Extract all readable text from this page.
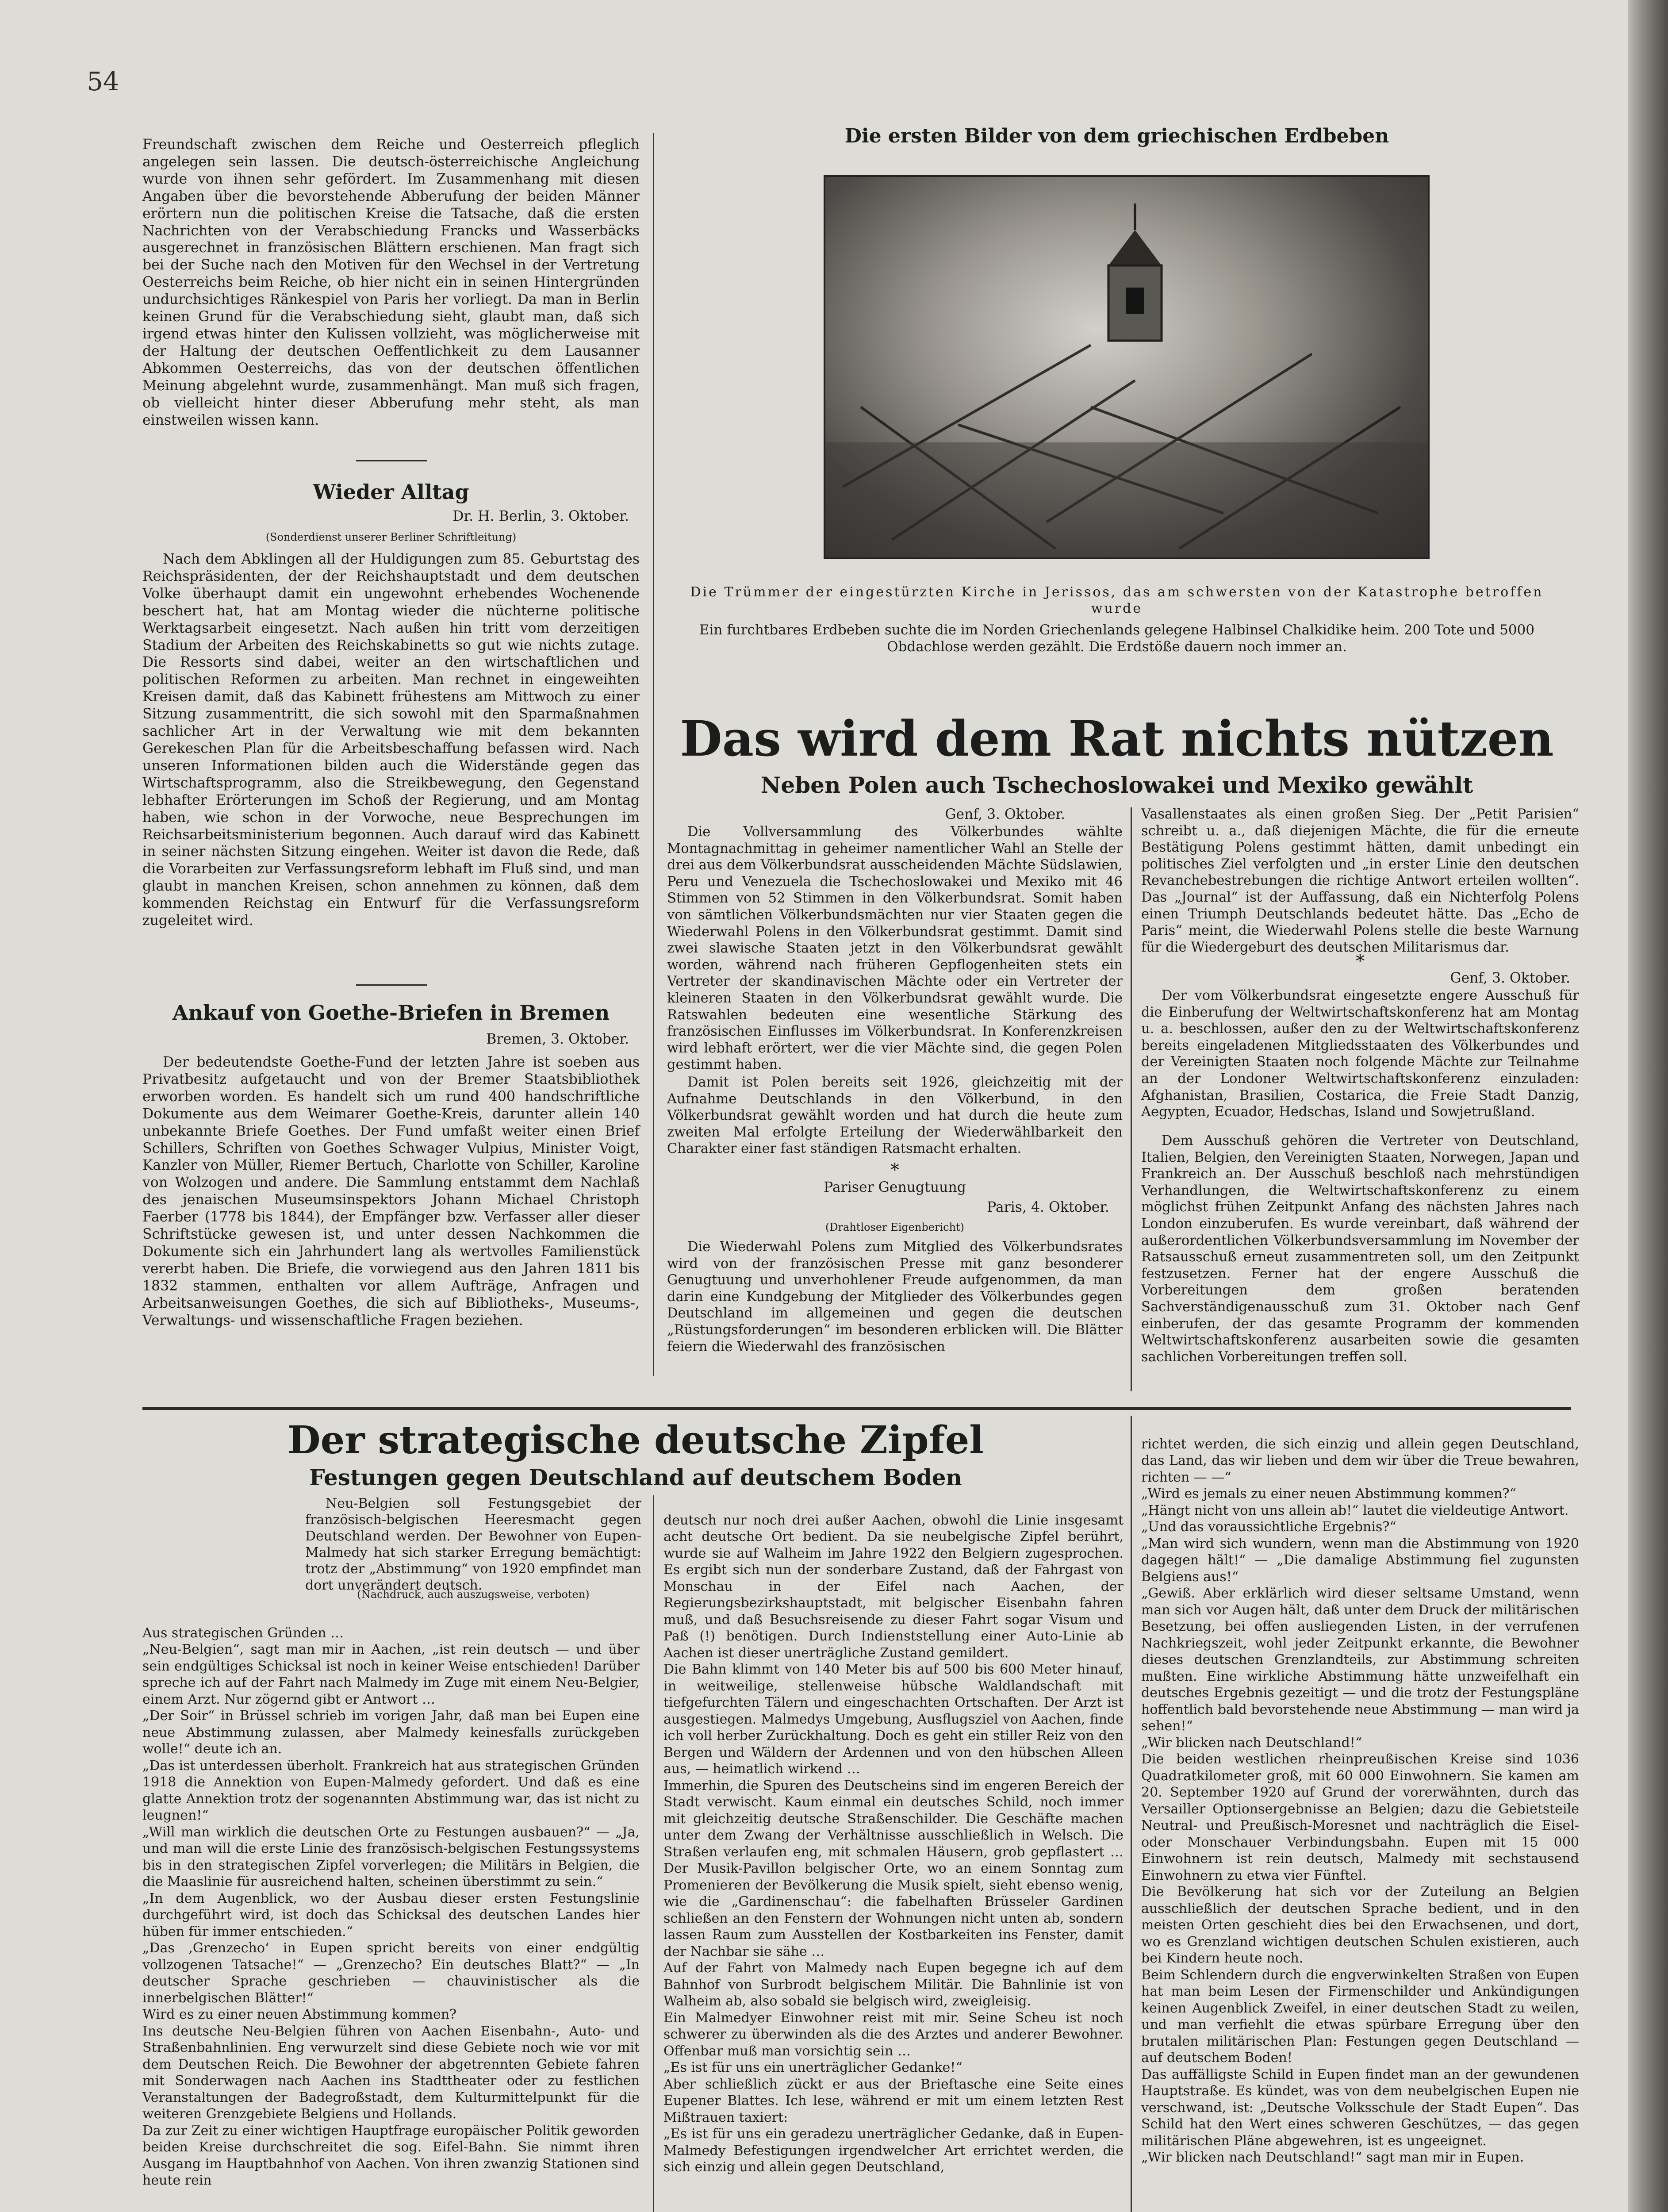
54
Freundschaft zwischen dem Reiche und Oesterreich pfleglich angelegen sein lassen. Die deutsch-österreichische Angleichung wurde von ihnen sehr gefördert. Im Zusammenhang mit diesen Angaben über die bevorstehende Abberufung der beiden Männer erörtern nun die politischen Kreise die Tatsache, daß die ersten Nachrichten von der Verabschiedung Francks und Wasserbäcks ausgerechnet in französischen Blättern erschienen. Man fragt sich bei der Suche nach den Motiven für den Wechsel in der Vertretung Oesterreichs beim Reiche, ob hier nicht ein in seinen Hintergründen undurchsichtiges Ränkespiel von Paris her vorliegt. Da man in Berlin keinen Grund für die Verabschiedung sieht, glaubt man, daß sich irgend etwas hinter den Kulissen vollzieht, was möglicherweise mit der Haltung der deutschen Oeffentlichkeit zu dem Lausanner Abkommen Oesterreichs, das von der deutschen öffentlichen Meinung abgelehnt wurde, zusammenhängt. Man muß sich fragen, ob vielleicht hinter dieser Abberufung mehr steht, als man einstweilen wissen kann.
Wieder Alltag
Dr. H. Berlin, 3. Oktober.
(Sonderdienst unserer Berliner Schriftleitung)
Nach dem Abklingen all der Huldigungen zum 85. Geburtstag des Reichspräsidenten, der der Reichshauptstadt und dem deutschen Volke überhaupt damit ein ungewohnt erhebendes Wochenende beschert hat, hat am Montag wieder die nüchterne politische Werktagsarbeit eingesetzt. Nach außen hin tritt vom derzeitigen Stadium der Arbeiten des Reichskabinetts so gut wie nichts zutage. Die Ressorts sind dabei, weiter an den wirtschaftlichen und politischen Reformen zu arbeiten. Man rechnet in eingeweihten Kreisen damit, daß das Kabinett frühestens am Mittwoch zu einer Sitzung zusammentritt, die sich sowohl mit den Sparmaßnahmen sachlicher Art in der Verwaltung wie mit dem bekannten Gerekeschen Plan für die Arbeitsbeschaffung befassen wird. Nach unseren Informationen bilden auch die Widerstände gegen das Wirtschaftsprogramm, also die Streikbewegung, den Gegenstand lebhafter Erörterungen im Schoß der Regierung, und am Montag haben, wie schon in der Vorwoche, neue Besprechungen im Reichsarbeitsministerium begonnen. Auch darauf wird das Kabinett in seiner nächsten Sitzung eingehen. Weiter ist davon die Rede, daß die Vorarbeiten zur Verfassungsreform lebhaft im Fluß sind, und man glaubt in manchen Kreisen, schon annehmen zu können, daß dem kommenden Reichstag ein Entwurf für die Verfassungsreform zugeleitet wird.
Ankauf von Goethe-Briefen in Bremen
Bremen, 3. Oktober.
Der bedeutendste Goethe-Fund der letzten Jahre ist soeben aus Privatbesitz aufgetaucht und von der Bremer Staatsbibliothek erworben worden. Es handelt sich um rund 400 handschriftliche Dokumente aus dem Weimarer Goethe-Kreis, darunter allein 140 unbekannte Briefe Goethes. Der Fund umfaßt weiter einen Brief Schillers, Schriften von Goethes Schwager Vulpius, Minister Voigt, Kanzler von Müller, Riemer Bertuch, Charlotte von Schiller, Karoline von Wolzogen und andere. Die Sammlung entstammt dem Nachlaß des jenaischen Museumsinspektors Johann Michael Christoph Faerber (1778 bis 1844), der Empfänger bzw. Verfasser aller dieser Schriftstücke gewesen ist, und unter dessen Nachkommen die Dokumente sich ein Jahrhundert lang als wertvolles Familienstück vererbt haben. Die Briefe, die vorwiegend aus den Jahren 1811 bis 1832 stammen, enthalten vor allem Aufträge, Anfragen und Arbeitsanweisungen Goethes, die sich auf Bibliotheks-, Museums-, Verwaltungs- und wissenschaftliche Fragen beziehen.
Die ersten Bilder von dem griechischen Erdbeben
Die Trümmer der eingestürzten Kirche in Jerissos, das am schwersten von der Katastrophe betroffen wurde
Ein furchtbares Erdbeben suchte die im Norden Griechenlands gelegene Halbinsel Chalkidike heim. 200 Tote und 5000 Obdachlose werden gezählt. Die Erdstöße dauern noch immer an.
Das wird dem Rat nichts nützen
Neben Polen auch Tschechoslowakei und Mexiko gewählt
Genf, 3. Oktober.
Die Vollversammlung des Völkerbundes wählte Montagnachmittag in geheimer namentlicher Wahl an Stelle der drei aus dem Völkerbundsrat ausscheidenden Mächte Südslawien, Peru und Venezuela die Tschechoslowakei und Mexiko mit 46 Stimmen von 52 Stimmen in den Völkerbundsrat. Somit haben von sämtlichen Völkerbundsmächten nur vier Staaten gegen die Wiederwahl Polens in den Völkerbundsrat gestimmt. Damit sind zwei slawische Staaten jetzt in den Völkerbundsrat gewählt worden, während nach früheren Gepflogenheiten stets ein Vertreter der skandinavischen Mächte oder ein Vertreter der kleineren Staaten in den Völkerbundsrat gewählt wurde. Die Ratswahlen bedeuten eine wesentliche Stärkung des französischen Einflusses im Völkerbundsrat. In Konferenzkreisen wird lebhaft erörtert, wer die vier Mächte sind, die gegen Polen gestimmt haben.
Damit ist Polen bereits seit 1926, gleichzeitig mit der Aufnahme Deutschlands in den Völkerbund, in den Völkerbundsrat gewählt worden und hat durch die heute zum zweiten Mal erfolgte Erteilung der Wiederwählbarkeit den Charakter einer fast ständigen Ratsmacht erhalten.
*
Pariser Genugtuung
Paris, 4. Oktober.
(Drahtloser Eigenbericht)
Die Wiederwahl Polens zum Mitglied des Völkerbundsrates wird von der französischen Presse mit ganz besonderer Genugtuung und unverhohlener Freude aufgenommen, da man darin eine Kundgebung der Mitglieder des Völkerbundes gegen Deutschland im allgemeinen und gegen die deutschen „Rüstungsforderungen“ im besonderen erblicken will. Die Blätter feiern die Wiederwahl des französischen
Vasallenstaates als einen großen Sieg. Der „Petit Parisien“ schreibt u. a., daß diejenigen Mächte, die für die erneute Bestätigung Polens gestimmt hätten, damit unbedingt ein politisches Ziel verfolgten und „in erster Linie den deutschen Revanchebestrebungen die richtige Antwort erteilen wollten“. Das „Journal“ ist der Auffassung, daß ein Nichterfolg Polens einen Triumph Deutschlands bedeutet hätte. Das „Echo de Paris“ meint, die Wiederwahl Polens stelle die beste Warnung für die Wiedergeburt des deutschen Militarismus dar.
*
Genf, 3. Oktober.
Der vom Völkerbundsrat eingesetzte engere Ausschuß für die Einberufung der Weltwirtschaftskonferenz hat am Montag u. a. beschlossen, außer den zu der Weltwirtschaftskonferenz bereits eingeladenen Mitgliedsstaaten des Völkerbundes und der Vereinigten Staaten noch folgende Mächte zur Teilnahme an der Londoner Weltwirtschaftskonferenz einzuladen: Afghanistan, Brasilien, Costarica, die Freie Stadt Danzig, Aegypten, Ecuador, Hedschas, Island und Sowjetrußland.
Dem Ausschuß gehören die Vertreter von Deutschland, Italien, Belgien, den Vereinigten Staaten, Norwegen, Japan und Frankreich an. Der Ausschuß beschloß nach mehrstündigen Verhandlungen, die Weltwirtschaftskonferenz zu einem möglichst frühen Zeitpunkt Anfang des nächsten Jahres nach London einzuberufen. Es wurde vereinbart, daß während der außerordentlichen Völkerbundsversammlung im November der Ratsausschuß erneut zusammentreten soll, um den Zeitpunkt festzusetzen. Ferner hat der engere Ausschuß die Vorbereitungen dem großen beratenden Sachverständigenausschuß zum 31. Oktober nach Genf einberufen, der das gesamte Programm der kommenden Weltwirtschaftskonferenz ausarbeiten sowie die gesamten sachlichen Vorbereitungen treffen soll.
Der strategische deutsche Zipfel
Festungen gegen Deutschland auf deutschem Boden
Neu-Belgien soll Festungsgebiet der französisch-belgischen Heeresmacht gegen Deutschland werden. Der Bewohner von Eupen-Malmedy hat sich starker Erregung bemächtigt: trotz der „Abstimmung“ von 1920 empfindet man dort unverändert deutsch.
(Nachdruck, auch auszugsweise, verboten)

Aus strategischen Gründen …
„Neu-Belgien“, sagt man mir in Aachen, „ist rein deutsch — und über sein endgültiges Schicksal ist noch in keiner Weise entschieden! Darüber spreche ich auf der Fahrt nach Malmedy im Zuge mit einem Neu-Belgier, einem Arzt. Nur zögernd gibt er Antwort …
„Der Soir“ in Brüssel schrieb im vorigen Jahr, daß man bei Eupen eine neue Abstimmung zulassen, aber Malmedy keinesfalls zurückgeben wolle!“ deute ich an.
„Das ist unterdessen überholt. Frankreich hat aus strategischen Gründen 1918 die Annektion von Eupen-Malmedy gefordert. Und daß es eine glatte Annektion trotz der sogenannten Abstimmung war, das ist nicht zu leugnen!“
„Will man wirklich die deutschen Orte zu Festungen ausbauen?“ — „Ja, und man will die erste Linie des französisch-belgischen Festungssystems bis in den strategischen Zipfel vorverlegen; die Militärs in Belgien, die die Maaslinie für ausreichend halten, scheinen überstimmt zu sein.“
„In dem Augenblick, wo der Ausbau dieser ersten Festungslinie durchgeführt wird, ist doch das Schicksal des deutschen Landes hier hüben für immer entschieden.“
„Das ‚Grenzecho‘ in Eupen spricht bereits von einer endgültig vollzogenen Tatsache!“ — „Grenzecho? Ein deutsches Blatt?“ — „In deutscher Sprache geschrieben — chauvinistischer als die innerbelgischen Blätter!“
Wird es zu einer neuen Abstimmung kommen?
Ins deutsche Neu-Belgien führen von Aachen Eisenbahn-, Auto- und Straßenbahnlinien. Eng verwurzelt sind diese Gebiete noch wie vor mit dem Deutschen Reich. Die Bewohner der abgetrennten Gebiete fahren mit Sonderwagen nach Aachen ins Stadttheater oder zu festlichen Veranstaltungen der Badegroßstadt, dem Kulturmittelpunkt für die weiteren Grenzgebiete Belgiens und Hollands.
Da zur Zeit zu einer wichtigen Hauptfrage europäischer Politik geworden beiden Kreise durchschreitet die sog. Eifel-Bahn. Sie nimmt ihren Ausgang im Hauptbahnhof von Aachen. Von ihren zwanzig Stationen sind heute rein

deutsch nur noch drei außer Aachen, obwohl die Linie insgesamt acht deutsche Ort bedient. Da sie neubelgische Zipfel berührt, wurde sie auf Walheim im Jahre 1922 den Belgiern zugesprochen. Es ergibt sich nun der sonderbare Zustand, daß der Fahrgast von Monschau in der Eifel nach Aachen, der Regierungsbezirkshauptstadt, mit belgischer Eisenbahn fahren muß, und daß Besuchsreisende zu dieser Fahrt sogar Visum und Paß (!) benötigen. Durch Indienststellung einer Auto-Linie ab Aachen ist dieser unerträgliche Zustand gemildert.
Die Bahn klimmt von 140 Meter bis auf 500 bis 600 Meter hinauf, in weitweilige, stellenweise hübsche Waldlandschaft mit tiefgefurchten Tälern und eingeschachten Ortschaften. Der Arzt ist ausgestiegen. Malmedys Umgebung, Ausflugsziel von Aachen, finde ich voll herber Zurückhaltung. Doch es geht ein stiller Reiz von den Bergen und Wäldern der Ardennen und von den hübschen Alleen aus, — heimatlich wirkend …
Immerhin, die Spuren des Deutscheins sind im engeren Bereich der Stadt verwischt. Kaum einmal ein deutsches Schild, noch immer mit gleichzeitig deutsche Straßenschilder. Die Geschäfte machen unter dem Zwang der Verhältnisse ausschließlich in Welsch. Die Straßen verlaufen eng, mit schmalen Häusern, grob gepflastert … Der Musik-Pavillon belgischer Orte, wo an einem Sonntag zum Promenieren der Bevölkerung die Musik spielt, sieht ebenso wenig, wie die „Gardinenschau“: die fabelhaften Brüsseler Gardinen schließen an den Fenstern der Wohnungen nicht unten ab, sondern lassen Raum zum Ausstellen der Kostbarkeiten ins Fenster, damit der Nachbar sie sähe …
Auf der Fahrt von Malmedy nach Eupen begegne ich auf dem Bahnhof von Surbrodt belgischem Militär. Die Bahnlinie ist von Walheim ab, also sobald sie belgisch wird, zweigleisig.
Ein Malmedyer Einwohner reist mit mir. Seine Scheu ist noch schwerer zu überwinden als die des Arztes und anderer Bewohner. Offenbar muß man vorsichtig sein …
„Es ist für uns ein unerträglicher Gedanke!“
Aber schließlich zückt er aus der Brieftasche eine Seite eines Eupener Blattes. Ich lese, während er mit um einem letzten Rest Mißtrauen taxiert:
„Es ist für uns ein geradezu unerträglicher Gedanke, daß in Eupen-Malmedy Befestigungen irgendwelcher Art errichtet werden, die sich einzig und allein gegen Deutschland,

richtet werden, die sich einzig und allein gegen Deutschland, das Land, das wir lieben und dem wir über die Treue bewahren, richten — —“
„Wird es jemals zu einer neuen Abstimmung kommen?“
„Hängt nicht von uns allein ab!“ lautet die vieldeutige Antwort.
„Und das voraussichtliche Ergebnis?“
„Man wird sich wundern, wenn man die Abstimmung von 1920 dagegen hält!“ — „Die damalige Abstimmung fiel zugunsten Belgiens aus!“
„Gewiß. Aber erklärlich wird dieser seltsame Umstand, wenn man sich vor Augen hält, daß unter dem Druck der militärischen Besetzung, bei offen ausliegenden Listen, in der verrufenen Nachkriegszeit, wohl jeder Zeitpunkt erkannte, die Bewohner dieses deutschen Grenzlandteils, zur Abstimmung schreiten mußten. Eine wirkliche Abstimmung hätte unzweifelhaft ein deutsches Ergebnis gezeitigt — und die trotz der Festungspläne hoffentlich bald bevorstehende neue Abstimmung — man wird ja sehen!“
„Wir blicken nach Deutschland!“
Die beiden westlichen rheinpreußischen Kreise sind 1036 Quadratkilometer groß, mit 60 000 Einwohnern. Sie kamen am 20. September 1920 auf Grund der vorerwähnten, durch das Versailler Optionsergebnisse an Belgien; dazu die Gebietsteile Neutral- und Preußisch-Moresnet und nachträglich die Eisel- oder Monschauer Verbindungsbahn. Eupen mit 15 000 Einwohnern ist rein deutsch, Malmedy mit sechstausend Einwohnern zu etwa vier Fünftel.
Die Bevölkerung hat sich vor der Zuteilung an Belgien ausschließlich der deutschen Sprache bedient, und in den meisten Orten geschieht dies bei den Erwachsenen, und dort, wo es Grenzland wichtigen deutschen Schulen existieren, auch bei Kindern heute noch.
Beim Schlendern durch die engverwinkelten Straßen von Eupen hat man beim Lesen der Firmenschilder und Ankündigungen keinen Augenblick Zweifel, in einer deutschen Stadt zu weilen, und man verfiehlt die etwas spürbare Erregung über den brutalen militärischen Plan: Festungen gegen Deutschland — auf deutschem Boden!
Das auffälligste Schild in Eupen findet man an der gewundenen Hauptstraße. Es kündet, was von dem neubelgischen Eupen nie verschwand, ist: „Deutsche Volksschule der Stadt Eupen“. Das Schild hat den Wert eines schweren Geschützes, — das gegen militärischen Pläne abgewehren, ist es ungeeignet.
„Wir blicken nach Deutschland!“ sagt man mir in Eupen.
